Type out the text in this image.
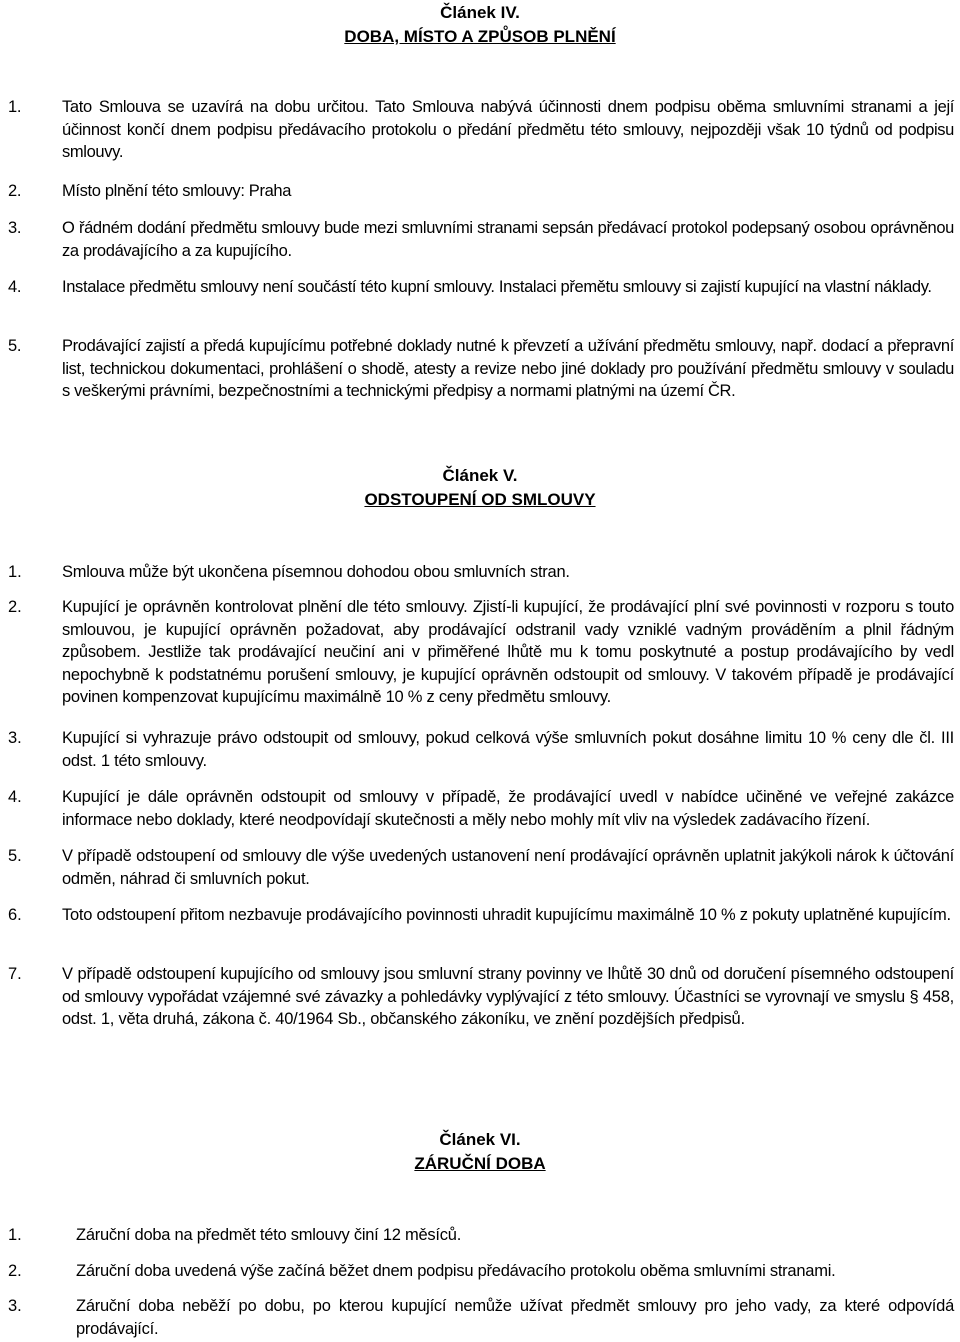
Článek IV.
DOBA, MÍSTO A ZPŮSOB PLNĚNÍ
1. Tato Smlouva se uzavírá na dobu určitou. Tato Smlouva nabývá účinnosti dnem podpisu oběma smluvními stranami a její účinnost končí dnem podpisu předávacího protokolu o předání předmětu této smlouvy, nejpozději však 10 týdnů od podpisu smlouvy.
2. Místo plnění této smlouvy: Praha
3. O řádném dodání předmětu smlouvy bude mezi smluvními stranami sepsán předávací protokol podepsaný osobou oprávněnou za prodávajícího a za kupujícího.
4. Instalace předmětu smlouvy není součástí této kupní smlouvy. Instalaci přemětu smlouvy si zajistí kupující na vlastní náklady.
5. Prodávající zajistí a předá kupujícímu potřebné doklady nutné k převzetí a užívání předmětu smlouvy, např. dodací a přepravní list, technickou dokumentaci, prohlášení o shodě, atesty a revize nebo jiné doklady pro používání předmětu smlouvy v souladu s veškerými právními, bezpečnostními a technickými předpisy a normami platnými na území ČR.
Článek V.
ODSTOUPENÍ OD SMLOUVY
1. Smlouva může být ukončena písemnou dohodou obou smluvních stran.
2. Kupující je oprávněn kontrolovat plnění dle této smlouvy. Zjistí-li kupující, že prodávající plní své povinnosti v rozporu s touto smlouvou, je kupující oprávněn požadovat, aby prodávající odstranil vady vzniklé vadným prováděním a plnil řádným způsobem. Jestliže tak prodávající neučiní ani v přiměřené lhůtě mu k tomu poskytnuté a postup prodávajícího by vedl nepochybně k podstatnému porušení smlouvy, je kupující oprávněn odstoupit od smlouvy. V takovém případě je prodávající povinen kompenzovat kupujícímu maximálně 10 % z ceny předmětu smlouvy.
3. Kupující si vyhrazuje právo odstoupit od smlouvy, pokud celková výše smluvních pokut dosáhne limitu 10 % ceny dle čl. III odst. 1 této smlouvy.
4. Kupující je dále oprávněn odstoupit od smlouvy v případě, že prodávající uvedl v nabídce učiněné ve veřejné zakázce informace nebo doklady, které neodpovídají skutečnosti a měly nebo mohly mít vliv na výsledek zadávacího řízení.
5. V případě odstoupení od smlouvy dle výše uvedených ustanovení není prodávající oprávněn uplatnit jakýkoli nárok k účtování odměn, náhrad či smluvních pokut.
6. Toto odstoupení přitom nezbavuje prodávajícího povinnosti uhradit kupujícímu maximálně 10 % z pokuty uplatněné kupujícím.
7. V případě odstoupení kupujícího od smlouvy jsou smluvní strany povinny ve lhůtě 30 dnů od doručení písemného odstoupení od smlouvy vypořádat vzájemné své závazky a pohledávky vyplývající z této smlouvy. Účastníci se vyrovnají ve smyslu § 458, odst. 1, věta druhá, zákona č. 40/1964 Sb., občanského zákoníku, ve znění pozdějších předpisů.
Článek VI.
ZÁRUČNÍ DOBA
1.	Záruční doba na předmět této smlouvy činí 12 měsíců.
2.	Záruční doba uvedená výše začíná běžet dnem podpisu předávacího protokolu oběma smluvními stranami.
3.	Záruční doba neběží po dobu, po kterou kupující nemůže užívat předmět smlouvy pro jeho vady, za které odpovídá prodávající.
